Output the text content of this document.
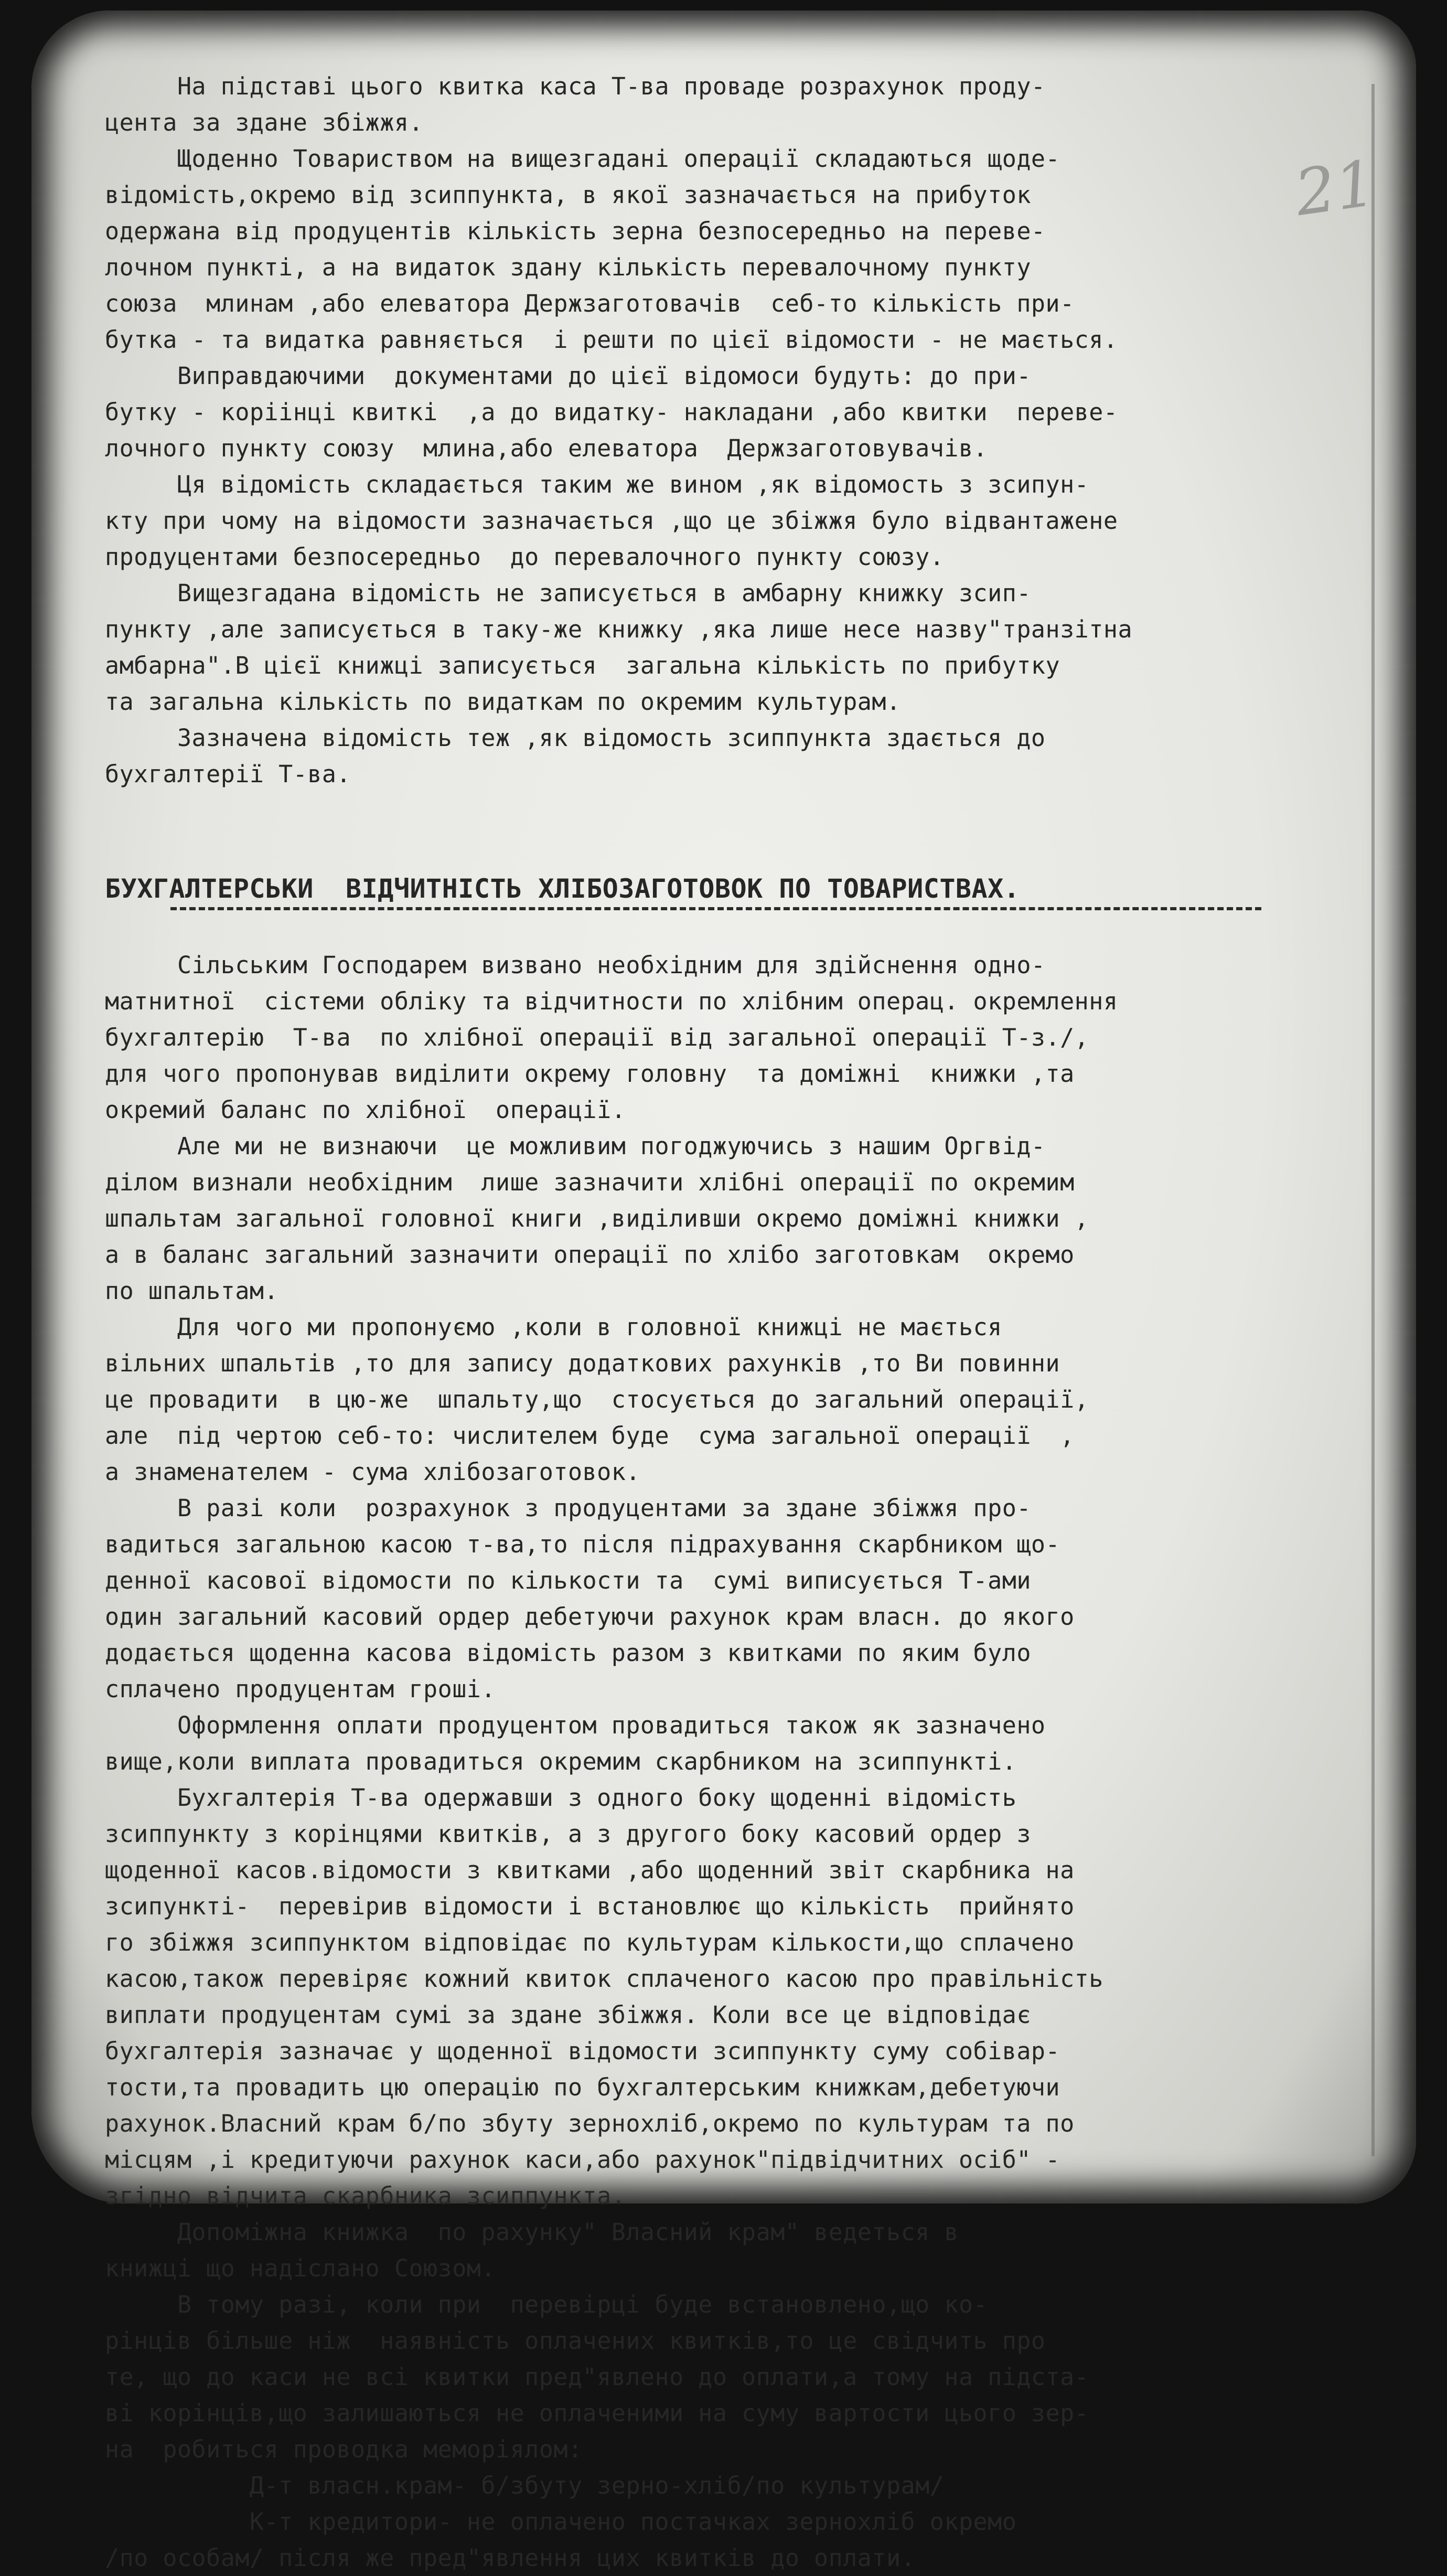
21

На підставі цього квитка каса Т-ва проваде розрахунок проду-

цента за здане збіжжя.

Щоденно Товариством на вищезгадані операції складаються щоде-

відомість,окремо від зсиппункта, в якої зазначається на прибуток

одержана від продуцентів кількість зерна безпосередньо на переве-

лочном пункті, а на видаток здану кількість перевалочному пункту

союза  млинам ,або елеватора Держзаготовачів  себ-то кількість при-

бутка - та видатка равняється  і решти по цієї відомости - не мається.

Виправдаючими  документами до цієї відомоси будуть: до при-

бутку - коріінці квиткі  ,а до видатку- накладани ,або квитки  переве-

лочного пункту союзу  млина,або елеватора  Держзаготовувачів.

Ця відомість складається таким же вином ,як відомость з зсипун-

кту при чому на відомости зазначається ,що це збіжжя було відвантажене

продуцентами безпосередньо  до перевалочного пункту союзу.

Вищезгадана відомість не записується в амбарну книжку зсип-

пункту ,але записується в таку-же книжку ,яка лише несе назву"транзітна

амбарна".В цієї книжці записується  загальна кількість по прибутку

та загальна кількість по видаткам по окремим культурам.

Зазначена відомість теж ,як відомость зсиппункта здається до

бухгалтерії Т-ва.

БУХГАЛТЕРСЬКИ  ВІДЧИТНІСТЬ ХЛІБОЗАГОТОВОК ПО ТОВАРИСТВАХ.

Сільським Господарем визвано необхідним для здійснення одно-

матнитної  сістеми обліку та відчитности по хлібним операц. окремлення

бухгалтерію  Т-ва  по хлібної операції від загальної операції Т-з./,

для чого пропонував виділити окрему головну  та доміжні  книжки ,та

окремий баланс по хлібної  операції.

Але ми не визнаючи  це можливим погоджуючись з нашим Оргвід-

ділом визнали необхідним  лише зазначити хлібні операції по окремим

шпальтам загальної головної книги ,виділивши окремо доміжні книжки ,

а в баланс загальний зазначити операції по хлібо заготовкам  окремо

по шпальтам.

Для чого ми пропонуємо ,коли в головної книжці не мається

вільних шпальтів ,то для запису додаткових рахунків ,то Ви повинни

це провадити  в цю-же  шпальту,що  стосується до загальний операції,

але  під чертою себ-то: числителем буде  сума загальної операції  ,

а знаменателем - сума хлібозаготовок.

В разі коли  розрахунок з продуцентами за здане збіжжя про-

вадиться загальною касою т-ва,то після підрахування скарбником що-

денної касової відомости по кількости та  сумі виписується Т-ами

один загальний касовий ордер дебетуючи рахунок крам власн. до якого

додається щоденна касова відомість разом з квитками по яким було

сплачено продуцентам гроші.

Оформлення оплати продуцентом провадиться також як зазначено

вище,коли виплата провадиться окремим скарбником на зсиппункті.

Бухгалтерія Т-ва одержавши з одного боку щоденні відомість

зсиппункту з корінцями квитків, а з другого боку касовий ордер з

щоденної касов.відомости з квитками ,або щоденний звіт скарбника на

зсипункті-  перевірив відомости і встановлює що кількість  прийнято

го збіжжя зсиппунктом відповідає по культурам кількости,що сплачено

касою,також перевіряє кожний квиток сплаченого касою про правільність

виплати продуцентам сумі за здане збіжжя. Коли все це відповідає

бухгалтерія зазначає у щоденної відомости зсиппункту суму собівар-

тости,та провадить цю операцію по бухгалтерським книжкам,дебетуючи

рахунок.Власний крам б/по збуту зернохліб,окремо по культурам та по

місцям ,і кредитуючи рахунок каси,або рахунок"підвідчитних осіб" -

згідно відчита скарбника зсиппункта.

Допоміжна книжка  по рахунку" Власний крам" ведеться в

книжці що надіслано Союзом.

В тому разі, коли при  перевірці буде встановлено,що ко-

рінців більше ніж  наявність оплачених квитків,то це свідчить про

те, що до каси не всі квитки пред"явлено до оплати,а тому на підста-

ві корінців,що залишаються не оплаченими на суму вартости цього зер-

на  робиться проводка меморіялом:

Д-т власн.крам- б/збуту зерно-хліб/по культурам/

К-т кредитори- не оплачено постачках зернохліб окремо

/по особам/ після же пред"явлення цих квитків до оплати.
